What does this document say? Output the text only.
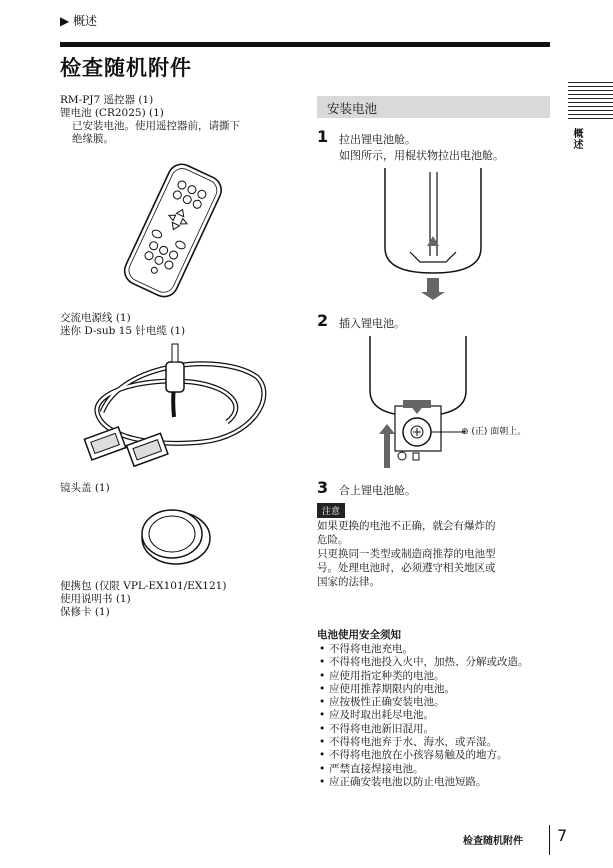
▶ 概述
检查随机附件
概述
RM-PJ7 遥控器 (1)
锂电池 (CR2025) (1)
已安装电池。使用遥控器前，请撕下
绝缘膜。
交流电源线 (1)
迷你 D-sub 15 针电缆 (1)
镜头盖 (1)
便携包 (仅限 VPL-EX101/EX121)
使用说明书 (1)
保修卡 (1)
安装电池
1 拉出锂电池舱。
如图所示，用棍状物拉出电池舱。
2 插入锂电池。
⊕ (正) 面朝上。
3 合上锂电池舱。
注意
如果更换的电池不正确，就会有爆炸的
危险。
只更换同一类型或制造商推荐的电池型
号。处理电池时，必须遵守相关地区或
国家的法律。
电池使用安全须知
• 不得将电池充电。
• 不得将电池投入火中，加热、分解或改造。
• 应使用指定种类的电池。
• 应使用推荐期限内的电池。
• 应按极性正确安装电池。
• 应及时取出耗尽电池。
• 不得将电池新旧混用。
• 不得将电池弃于水、海水，或弄湿。
• 不得将电池放在小孩容易触及的地方。
• 严禁直接焊接电池。
• 应正确安装电池以防止电池短路。
检查随机附件 7
